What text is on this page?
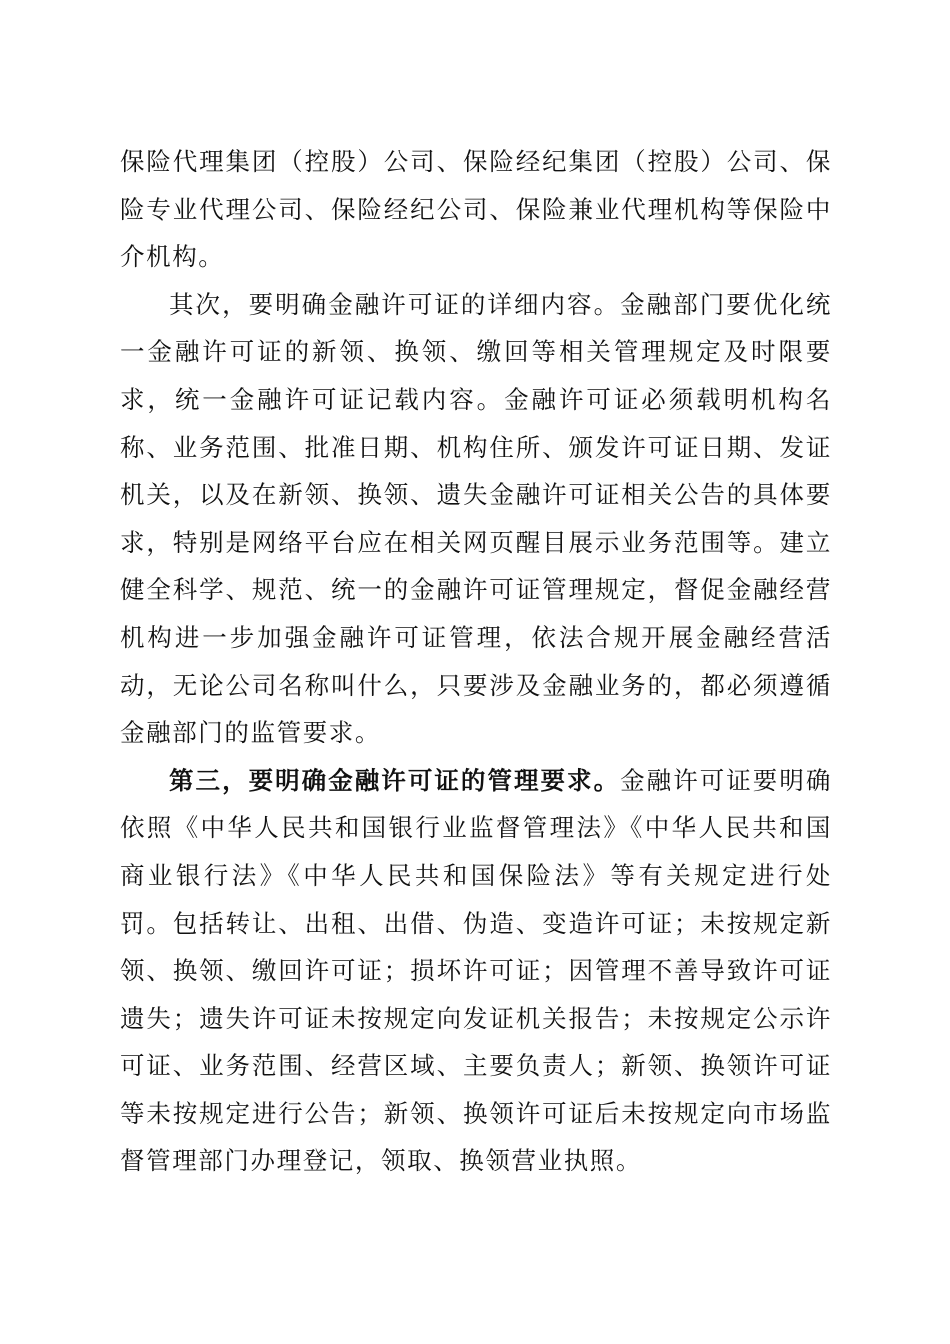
保险代理集团（控股）公司、保险经纪集团（控股）公司、保险专业代理公司、保险经纪公司、保险兼业代理机构等保险中介机构。

其次，要明确金融许可证的详细内容。金融部门要优化统一金融许可证的新领、换领、缴回等相关管理规定及时限要求，统一金融许可证记载内容。金融许可证必须载明机构名称、业务范围、批准日期、机构住所、颁发许可证日期、发证机关，以及在新领、换领、遗失金融许可证相关公告的具体要求，特别是网络平台应在相关网页醒目展示业务范围等。建立健全科学、规范、统一的金融许可证管理规定，督促金融经营机构进一步加强金融许可证管理，依法合规开展金融经营活动，无论公司名称叫什么，只要涉及金融业务的，都必须遵循金融部门的监管要求。

第三，要明确金融许可证的管理要求。金融许可证要明确依照《中华人民共和国银行业监督管理法》《中华人民共和国商业银行法》《中华人民共和国保险法》等有关规定进行处罚。包括转让、出租、出借、伪造、变造许可证；未按规定新领、换领、缴回许可证；损坏许可证；因管理不善导致许可证遗失；遗失许可证未按规定向发证机关报告；未按规定公示许可证、业务范围、经营区域、主要负责人；新领、换领许可证等未按规定进行公告；新领、换领许可证后未按规定向市场监督管理部门办理登记，领取、换领营业执照。
